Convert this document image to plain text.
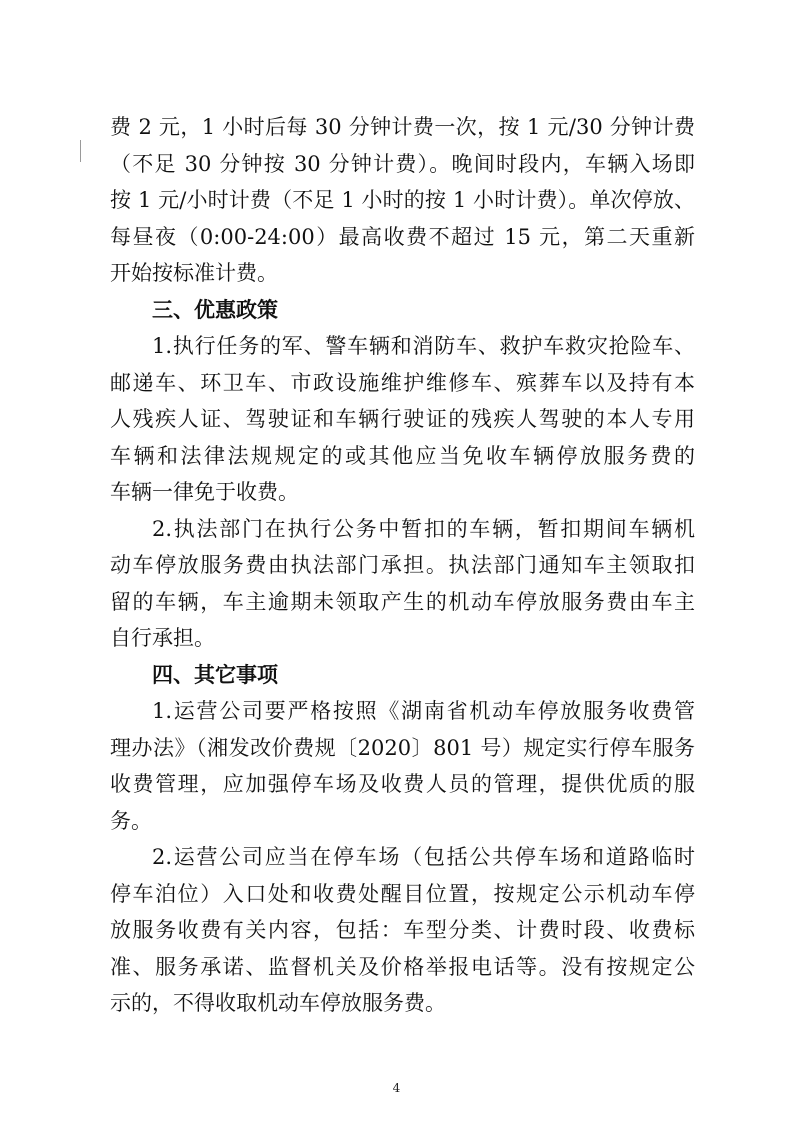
费 2 元，1 小时后每 30 分钟计费一次，按 1 元/30 分钟计费
（不足 30 分钟按 30 分钟计费）。晚间时段内，车辆入场即
按 1 元/小时计费（不足 1 小时的按 1 小时计费）。单次停放、
每昼夜（0:00-24:00）最高收费不超过 15 元，第二天重新
开始按标准计费。
三、优惠政策
1.执行任务的军、警车辆和消防车、救护车救灾抢险车、
邮递车、环卫车、市政设施维护维修车、殡葬车以及持有本
人残疾人证、驾驶证和车辆行驶证的残疾人驾驶的本人专用
车辆和法律法规规定的或其他应当免收车辆停放服务费的
车辆一律免于收费。
2.执法部门在执行公务中暂扣的车辆，暂扣期间车辆机
动车停放服务费由执法部门承担。执法部门通知车主领取扣
留的车辆，车主逾期未领取产生的机动车停放服务费由车主
自行承担。
四、其它事项
1.运营公司要严格按照《湖南省机动车停放服务收费管
理办法》（湘发改价费规〔2020〕801 号）规定实行停车服务
收费管理，应加强停车场及收费人员的管理，提供优质的服
务。
2.运营公司应当在停车场（包括公共停车场和道路临时
停车泊位）入口处和收费处醒目位置，按规定公示机动车停
放服务收费有关内容，包括：车型分类、计费时段、收费标
准、服务承诺、监督机关及价格举报电话等。没有按规定公
示的，不得收取机动车停放服务费。
4
